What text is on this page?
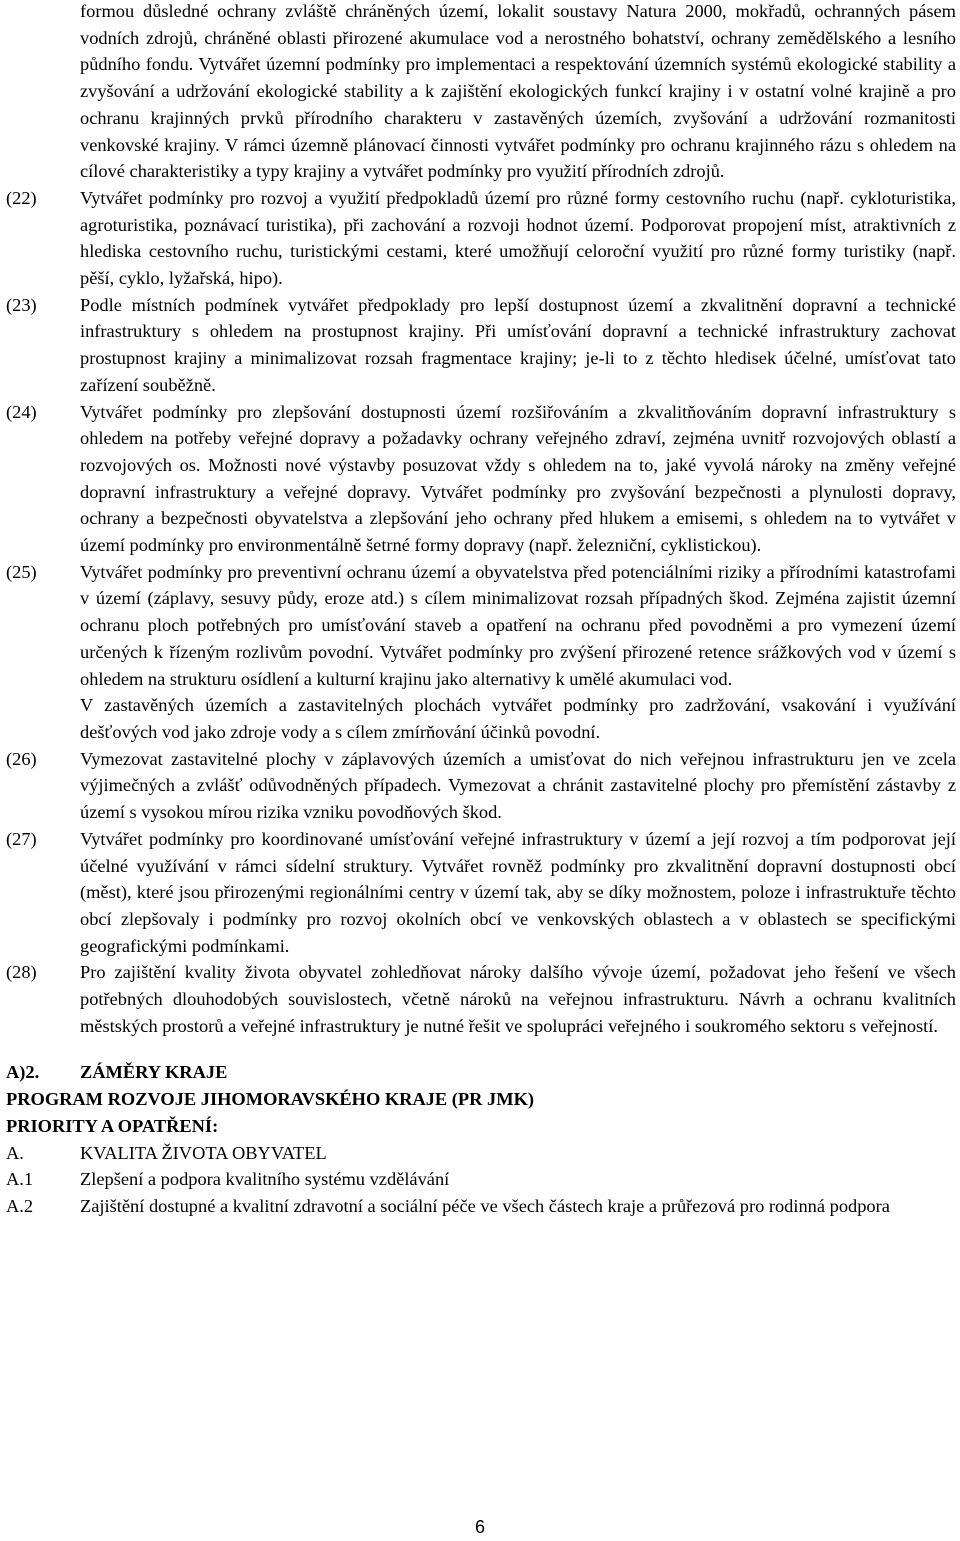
formou důsledné ochrany zvláště chráněných území, lokalit soustavy Natura 2000, mokřadů, ochranných pásem vodních zdrojů, chráněné oblasti přirozené akumulace vod a nerostného bohatství, ochrany zemědělského a lesního půdního fondu. Vytvářet územní podmínky pro implementaci a respektování územních systémů ekologické stability a zvyšování a udržování ekologické stability a k zajištění ekologických funkcí krajiny i v ostatní volné krajině a pro ochranu krajinných prvků přírodního charakteru v zastavěných územích, zvyšování a udržování rozmanitosti venkovské krajiny. V rámci územně plánovací činnosti vytvářet podmínky pro ochranu krajinného rázu s ohledem na cílové charakteristiky a typy krajiny a vytvářet podmínky pro využití přírodních zdrojů.

(22)	Vytvářet podmínky pro rozvoj a využití předpokladů území pro různé formy cestovního ruchu (např. cykloturistika, agroturistika, poznávací turistika), při zachování a rozvoji hodnot území. Podporovat propojení míst, atraktivních z hlediska cestovního ruchu, turistickými cestami, které umožňují celoroční využití pro různé formy turistiky (např. pěší, cyklo, lyžařská, hipo).

(23)	Podle místních podmínek vytvářet předpoklady pro lepší dostupnost území a zkvalitnění dopravní a technické infrastruktury s ohledem na prostupnost krajiny. Při umísťování dopravní a technické infrastruktury zachovat prostupnost krajiny a minimalizovat rozsah fragmentace krajiny; je-li to z těchto hledisek účelné, umísťovat tato zařízení souběžně.

(24)	Vytvářet podmínky pro zlepšování dostupnosti území rozšiřováním a zkvalitňováním dopravní infrastruktury s ohledem na potřeby veřejné dopravy a požadavky ochrany veřejného zdraví, zejména uvnitř rozvojových oblastí a rozvojových os. Možnosti nové výstavby posuzovat vždy s ohledem na to, jaké vyvolá nároky na změny veřejné dopravní infrastruktury a veřejné dopravy. Vytvářet podmínky pro zvyšování bezpečnosti a plynulosti dopravy, ochrany a bezpečnosti obyvatelstva a zlepšování jeho ochrany před hlukem a emisemi, s ohledem na to vytvářet v území podmínky pro environmentálně šetrné formy dopravy (např. železniční, cyklistickou).

(25)	Vytvářet podmínky pro preventivní ochranu území a obyvatelstva před potenciálními riziky a přírodními katastrofami v území (záplavy, sesuvy půdy, eroze atd.) s cílem minimalizovat rozsah případných škod. Zejména zajistit územní ochranu ploch potřebných pro umísťování staveb a opatření na ochranu před povodněmi a pro vymezení území určených k řízeným rozlivům povodní. Vytvářet podmínky pro zvýšení přirozené retence srážkových vod v území s ohledem na strukturu osídlení a kulturní krajinu jako alternativy k umělé akumulaci vod.

V zastavěných územích a zastavitelných plochách vytvářet podmínky pro zadržování, vsakování i využívání dešťových vod jako zdroje vody a s cílem zmírňování účinků povodní.

(26)	Vymezovat zastavitelné plochy v záplavových územích a umisťovat do nich veřejnou infrastrukturu jen ve zcela výjimečných a zvlášť odůvodněných případech. Vymezovat a chránit zastavitelné plochy pro přemístění zástavby z území s vysokou mírou rizika vzniku povodňových škod.

(27)	Vytvářet podmínky pro koordinované umísťování veřejné infrastruktury v území a její rozvoj a tím podporovat její účelné využívání v rámci sídelní struktury. Vytvářet rovněž podmínky pro zkvalitnění dopravní dostupnosti obcí (měst), které jsou přirozenými regionálními centry v území tak, aby se díky možnostem, poloze i infrastruktuře těchto obcí zlepšovaly i podmínky pro rozvoj okolních obcí ve venkovských oblastech a v oblastech se specifickými geografickými podmínkami.

(28)	Pro zajištění kvality života obyvatel zohledňovat nároky dalšího vývoje území, požadovat jeho řešení ve všech potřebných dlouhodobých souvislostech, včetně nároků na veřejnou infrastrukturu. Návrh a ochranu kvalitních městských prostorů a veřejné infrastruktury je nutné řešit ve spolupráci veřejného i soukromého sektoru s veřejností.

A)2.	ZÁMĚRY KRAJE

PROGRAM ROZVOJE JIHOMORAVSKÉHO KRAJE (PR JMK)

PRIORITY A OPATŘENÍ:

A.	KVALITA ŽIVOTA OBYVATEL
A.1	Zlepšení a podpora kvalitního systému vzdělávání
A.2	Zajištění dostupné a kvalitní zdravotní a sociální péče ve všech částech kraje a průřezová pro rodinná podpora
6
